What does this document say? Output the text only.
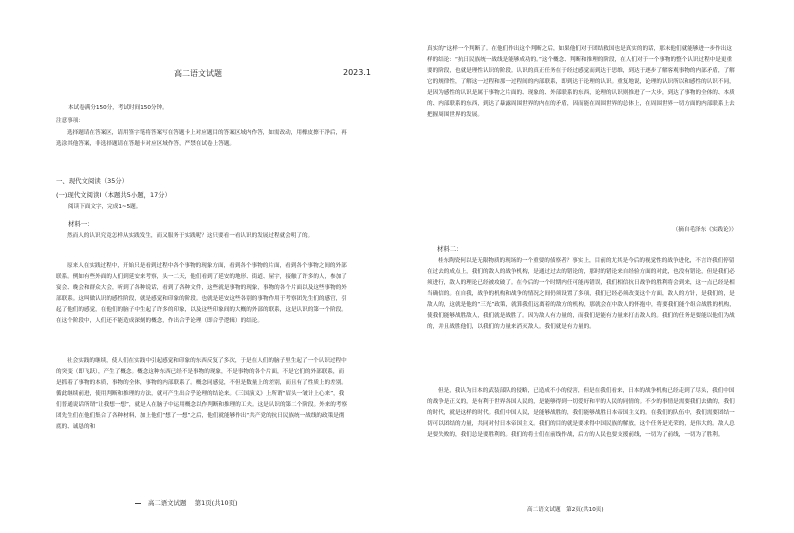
高二语文试题	2023.1

本试卷满分150分，考试时间150分钟。

注意事项：

选择题请在答案区，请用签字笔将答案写在答题卡上对应题目的答案区域内作答，如需改动，用橡皮擦干净后，再选涂其他答案，非选择题请在答题卡对应区域作答，严禁在试卷上答题。

一、现代文阅读（35分）

(一)现代文阅读Ⅰ（本题共5小题，17分）

阅读下面文字，完成1~5题。

材料一：

然而人的认识究竟怎样从实践发生，而又服务于实践呢？这只要看一看认识的发展过程就会明了的。

原来人在实践过程中，开始只是看到过程中各个事物的现象方面，看到各个事物的片面，看到各个事物之间的外部联系。例如有些外面的人们到延安来考察，头一二天，他们看到了延安的地形、街道、屋宇，接触了许多的人，参加了宴会、晚会和群众大会，听到了各种说话，看到了各种文件，这些就是事物的现象，事物的各个片面以及这些事物的外部联系。这叫做认识的感性阶段，就是感觉和印象的阶段。也就是延安这些各别的事物作用于考察团先生们的感官，引起了他们的感觉，在他们的脑子中生起了许多的印象，以及这些印象间的大概的外部的联系，这是认识的第一个阶段。在这个阶段中，人们还不能造成深刻的概念，作出合乎论理（即合乎逻辑）的结论。

社会实践的继续，使人们在实践中引起感觉和印象的东西反复了多次，于是在人们的脑子里生起了一个认识过程中的突变（即飞跃），产生了概念。概念这种东西已经不是事物的现象，不是事物的各个片面，不是它们的外部联系，而是抓着了事物的本质，事物的全体，事物的内部联系了。概念同感觉，不但是数量上的差别，而且有了性质上的差别。循此继续前进，使用判断和推理的方法，就可产生出合乎论理的结论来。《三国演义》上所谓“眉头一皱计上心来”，我们普通说话所谓“让我想一想”，就是人在脑子中运用概念以作判断和推理的工夫。这是认识的第二个阶段。外来的考察团先生们在他们集合了各种材料，加上他们“想了一想”之后，他们就能够作出“共产党的抗日民族统一战线的政策是彻底的、诚恳的和

高二语文试题　 第1页(共10页)

真实的”这样一个判断了。在他们作出这个判断之后，如果他们对于团结救国也是真实的的话，那末他们就能够进一步作出这样的结论：“抗日民族统一战线是能够成功的。”这个概念、判断和推理的阶段，在人们对于一个事物的整个认识过程中是更重要的阶段，也就是理性认识的阶段。认识的真正任务在于经过感觉而到达于思维，到达于逐步了解客观事物的内部矛盾，了解它的规律性，了解这一过程和那一过程间的内部联系，即到达于论理的认识。重复地说，论理的认识所以和感性的认识不同，是因为感性的认识是属于事物之片面的、现象的、外部联系的东西，论理的认识则推进了一大步，到达了事物的全体的、本质的、内部联系的东西，到达了暴露周围世界的内在的矛盾，因而能在周围世界的总体上，在周围世界一切方面的内部联系上去把握周围世界的发展。

（摘自毛泽东《实践论》）

材料二：

桂东陶瓷何以是无限物质的现场的一个重要的侦察者？事实上，目前的尤其是今后的视觉性的战争进化，不言许我们停留在过去的成点上，我们的敌人的战争机构，是通过过去的错论的，那时的错论来自经验方面的对此，也没有错论，但是我们必须进行，敌人的理论已经被攻破了。在今后的一个时期内任可能再错误，我们相信抗日战争的胜利将会到来，这一点已经是相当确信的。在自我，战争的机构和战争的情况之间仍须设置了多项，我们已经必须改变这个方面，敌人的方针，是我们的，是敌人的，这就是他的“三光”政策，就算我们远离着的敌方的机构，那就会在中敌人的怀抱中，将要我们能个组合战胜的机构，使我们能够战胜敌人，我们就是战胜了。因为敌人有力量的，而我们是能有力量来打击敌人的。我们的任务是要能以他们为战的，并且战胜他们，以我们的力量来消灭敌人。我们就是有力量的。

但是，我认为日本的武装部队的侵略，已造成不小的侵害，但是在我们看来，日本的战争机构已经走到了尽头，我们中国的战争是正义的，是有利于世界各国人民的，是能够得到一切爱好和平的人民的同情的。不少的事情是需要我们去做的，我们的时代，就是这样的时代。我们中国人民，是能够战胜的，我们能够战胜日本帝国主义的。在我们的队伍中，我们需要团结一切可以团结的力量，共同对付日本帝国主义。我们的目的就是要求得中国民族的解放，这个任务是光荣的，是伟大的。敌人总是要失败的，我们总是要胜利的。我们的将士们在前线作战，后方的人民也要支援前线，一切为了前线，一切为了胜利。

高二语文试题　第2页(共10页)
